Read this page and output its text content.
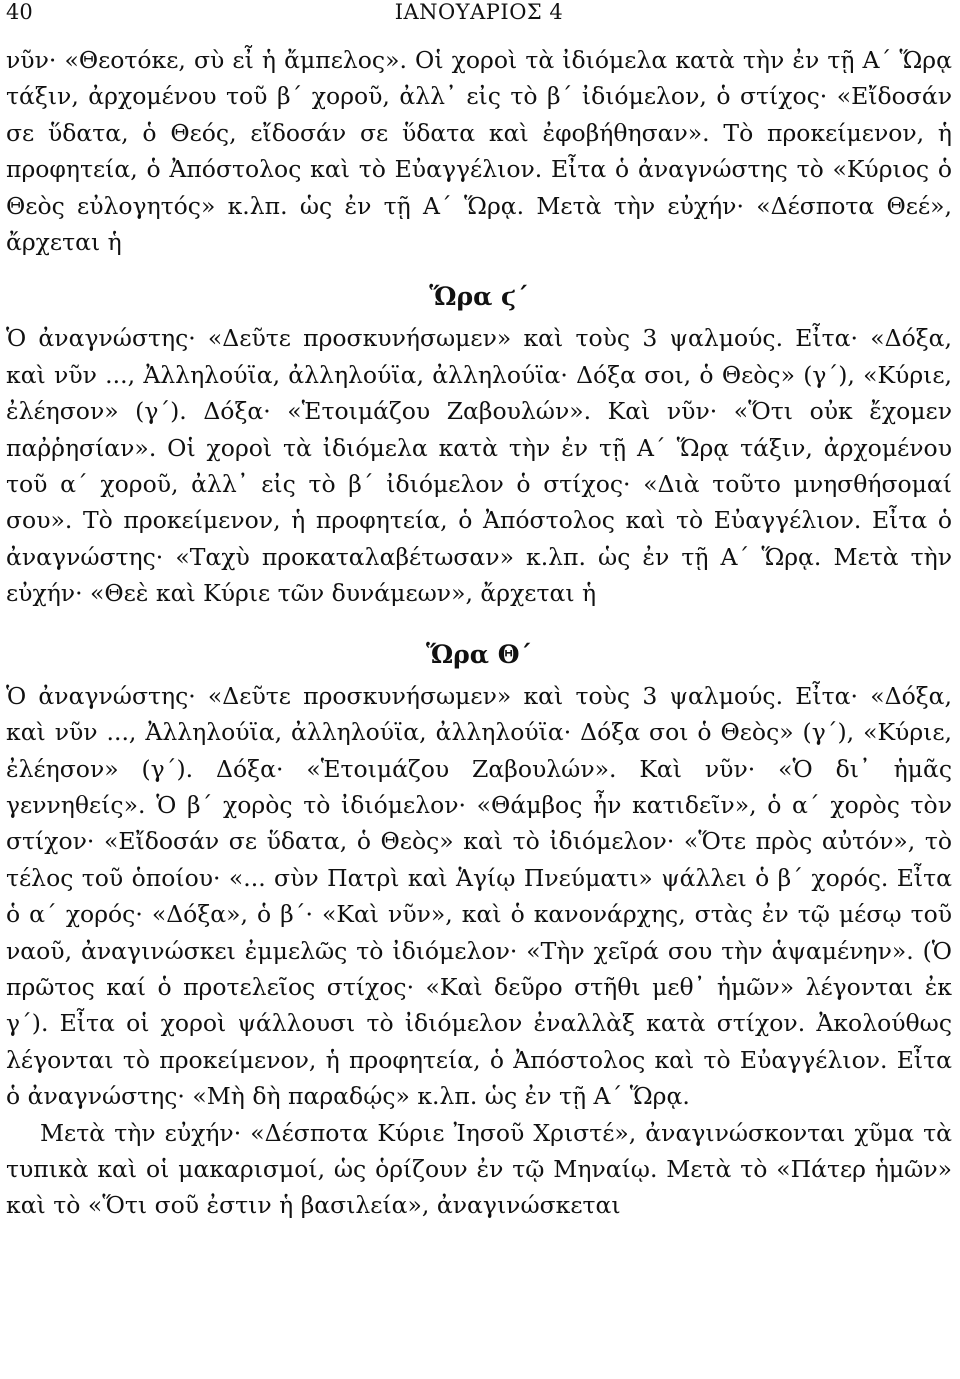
40	ΙΑΝΟΥΑΡΙΟΣ 4

νῦν· «Θεοτόκε, σὺ εἶ ἡ ἄμπελος». Οἱ χοροὶ τὰ ἰδιόμελα κατὰ τὴν ἐν τῇ Α΄ Ὥρᾳ τάξιν, ἀρχομένου τοῦ β΄ χοροῦ, ἀλλ᾽ εἰς τὸ β΄ ἰδιόμελον, ὁ στίχος· «Εἴδοσάν σε ὕδατα, ὁ Θεός, εἴδοσάν σε ὕδατα καὶ ἐφοβήθησαν». Τὸ προκείμενον, ἡ προφητεία, ὁ Ἀπόστολος καὶ τὸ Εὐαγγέλιον. Εἶτα ὁ ἀναγνώστης τὸ «Κύριος ὁ Θεὸς εὐλογητός» κ.λπ. ὡς ἐν τῇ Α΄ Ὥρᾳ. Μετὰ τὴν εὐχήν· «Δέσποτα Θεέ», ἄρχεται ἡ

Ὥρα ϛ΄

Ὁ ἀναγνώστης· «Δεῦτε προσκυνήσωμεν» καὶ τοὺς 3 ψαλμούς. Εἶτα· «Δόξα, καὶ νῦν ..., Ἀλληλούϊα, ἀλληλούϊα, ἀλληλούϊα· Δόξα σοι, ὁ Θεὸς» (γ΄), «Κύριε, ἐλέησον» (γ΄). Δόξα· «Ἑτοιμάζου Ζαβουλών». Καὶ νῦν· «Ὅτι οὐκ ἔχομεν παῤῥησίαν». Οἱ χοροὶ τὰ ἰδιόμελα κατὰ τὴν ἐν τῇ Α΄ Ὥρᾳ τάξιν, ἀρχομένου τοῦ α΄ χοροῦ, ἀλλ᾽ εἰς τὸ β΄ ἰδιόμελον ὁ στίχος· «Διὰ τοῦτο μνησθήσομαί σου». Τὸ προκείμενον, ἡ προφητεία, ὁ Ἀπόστολος καὶ τὸ Εὐαγγέλιον. Εἶτα ὁ ἀναγνώστης· «Ταχὺ προκαταλαβέτωσαν» κ.λπ. ὡς ἐν τῇ Α΄ Ὥρᾳ. Μετὰ τὴν εὐχήν· «Θεὲ καὶ Κύριε τῶν δυνάμεων», ἄρχεται ἡ

Ὥρα Θ΄

Ὁ ἀναγνώστης· «Δεῦτε προσκυνήσωμεν» καὶ τοὺς 3 ψαλμούς. Εἶτα· «Δόξα, καὶ νῦν ..., Ἀλληλούϊα, ἀλληλούϊα, ἀλληλούϊα· Δόξα σοι ὁ Θεὸς» (γ΄), «Κύριε, ἐλέησον» (γ΄). Δόξα· «Ἑτοιμάζου Ζαβουλών». Καὶ νῦν· «Ὁ δι᾽ ἡμᾶς γεννηθείς». Ὁ β΄ χορὸς τὸ ἰδιόμελον· «Θάμβος ἦν κατιδεῖν», ὁ α΄ χορὸς τὸν στίχον· «Εἴδοσάν σε ὕδατα, ὁ Θεὸς» καὶ τὸ ἰδιόμελον· «Ὅτε πρὸς αὐτόν», τὸ τέλος τοῦ ὁποίου· «... σὺν Πατρὶ καὶ Ἁγίῳ Πνεύματι» ψάλλει ὁ β΄ χορός. Εἶτα ὁ α΄ χορός· «Δόξα», ὁ β΄· «Καὶ νῦν», καὶ ὁ κανονάρχης, στὰς ἐν τῷ μέσῳ τοῦ ναοῦ, ἀναγινώσκει ἐμμελῶς τὸ ἰδιόμελον· «Τὴν χεῖρά σου τὴν ἁψαμένην». (Ὁ πρῶτος καί ὁ προτελεῖος στίχος· «Καὶ δεῦρο στῆθι μεθ᾽ ἡμῶν» λέγονται ἐκ γ΄). Εἶτα οἱ χοροὶ ψάλλουσι τὸ ἰδιόμελον ἐναλλὰξ κατὰ στίχον. Ἀκολούθως λέγονται τὸ προκείμενον, ἡ προφητεία, ὁ Ἀπόστολος καὶ τὸ Εὐαγγέλιον. Εἶτα ὁ ἀναγνώστης· «Μὴ δὴ παραδῴς» κ.λπ. ὡς ἐν τῇ Α΄ Ὥρᾳ.

Μετὰ τὴν εὐχήν· «Δέσποτα Κύριε Ἰησοῦ Χριστέ», ἀναγινώσκονται χῦμα τὰ τυπικὰ καὶ οἱ μακαρισμοί, ὡς ὁρίζουν ἐν τῷ Μηναίῳ. Μετὰ τὸ «Πάτερ ἡμῶν» καὶ τὸ «Ὅτι σοῦ ἐστιν ἡ βασιλεία», ἀναγινώσκεται
